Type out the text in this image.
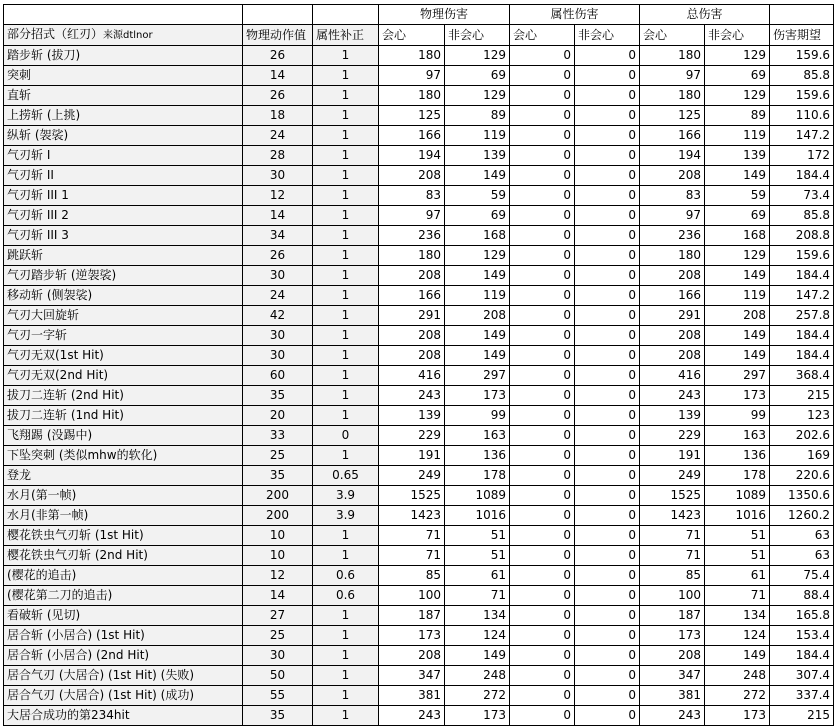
			物理伤害		属性伤害		总伤害		
部分招式（红刃）来源dtlnor	物理动作值	属性补正	会心	非会心	会心	非会心	会心	非会心	伤害期望
踏步斩 (拔刀)	26	1	180	129	0	0	180	129	159.6
突刺	14	1	97	69	0	0	97	69	85.8
直斩	26	1	180	129	0	0	180	129	159.6
上捞斩 (上挑)	18	1	125	89	0	0	125	89	110.6
纵斩 (袈裟)	24	1	166	119	0	0	166	119	147.2
气刃斩 I	28	1	194	139	0	0	194	139	172
气刃斩 II	30	1	208	149	0	0	208	149	184.4
气刃斩 III 1	12	1	83	59	0	0	83	59	73.4
气刃斩 III 2	14	1	97	69	0	0	97	69	85.8
气刃斩 III 3	34	1	236	168	0	0	236	168	208.8
跳跃斩	26	1	180	129	0	0	180	129	159.6
气刃踏步斩 (逆袈裟)	30	1	208	149	0	0	208	149	184.4
移动斩 (侧袈裟)	24	1	166	119	0	0	166	119	147.2
气刃大回旋斩	42	1	291	208	0	0	291	208	257.8
气刃一字斩	30	1	208	149	0	0	208	149	184.4
气刃无双(1st Hit)	30	1	208	149	0	0	208	149	184.4
气刃无双(2nd Hit)	60	1	416	297	0	0	416	297	368.4
拔刀二连斩 (2nd Hit)	35	1	243	173	0	0	243	173	215
拔刀二连斩 (1nd Hit)	20	1	139	99	0	0	139	99	123
飞翔踢 (没踢中)	33	0	229	163	0	0	229	163	202.6
下坠突刺 (类似mhw的软化)	25	1	191	136	0	0	191	136	169
登龙	35	0.65	249	178	0	0	249	178	220.6
水月(第一帧)	200	3.9	1525	1089	0	0	1525	1089	1350.6
水月(非第一帧)	200	3.9	1423	1016	0	0	1423	1016	1260.2
樱花铁虫气刃斩 (1st Hit)	10	1	71	51	0	0	71	51	63
樱花铁虫气刃斩 (2nd Hit)	10	1	71	51	0	0	71	51	63
(樱花的追击)	12	0.6	85	61	0	0	85	61	75.4
(樱花第二刀的追击)	14	0.6	100	71	0	0	100	71	88.4
看破斩 (见切)	27	1	187	134	0	0	187	134	165.8
居合斩 (小居合) (1st Hit)	25	1	173	124	0	0	173	124	153.4
居合斩 (小居合) (2nd Hit)	30	1	208	149	0	0	208	149	184.4
居合气刃 (大居合) (1st Hit) (失败)	50	1	347	248	0	0	347	248	307.4
居合气刃 (大居合) (1st Hit) (成功)	55	1	381	272	0	0	381	272	337.4
大居合成功的第234hit	35	1	243	173	0	0	243	173	215
